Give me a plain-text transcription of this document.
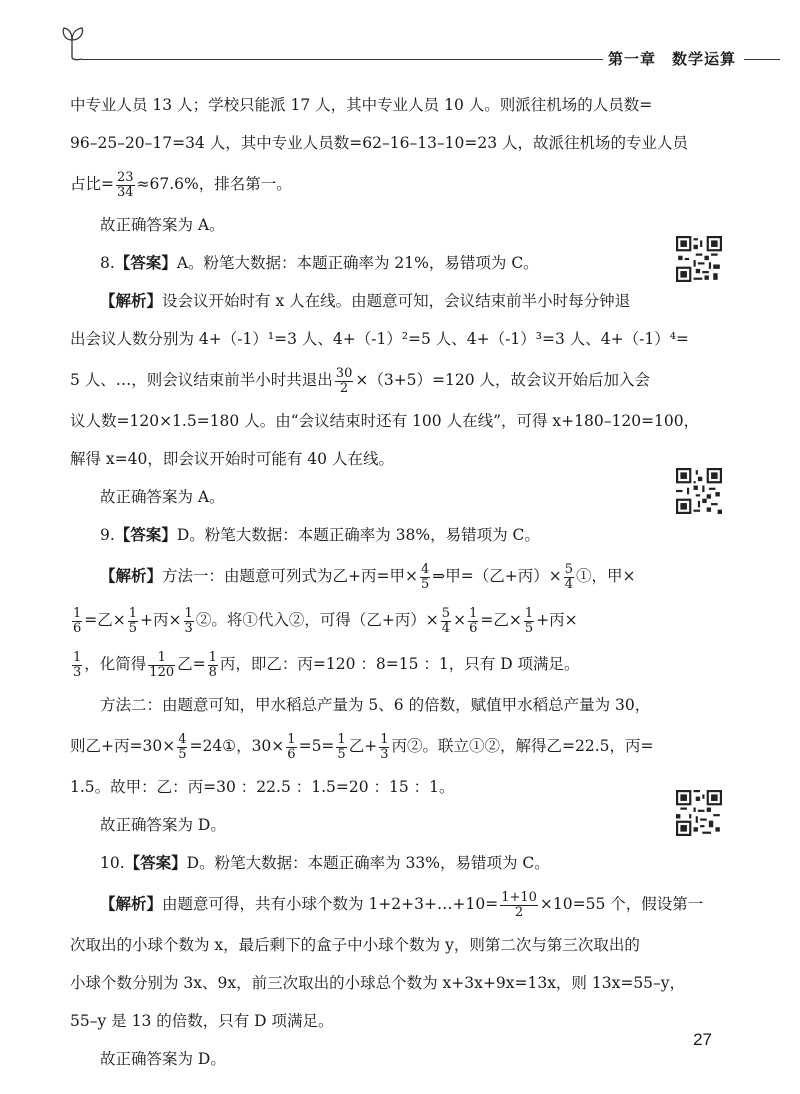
第一章　数学运算
中专业人员 13 人；学校只能派 17 人，其中专业人员 10 人。则派往机场的人员数=
96–25–20–17=34 人，其中专业人员数=62–16–13–10=23 人，故派往机场的专业人员
占比= $\frac{23}{34} \approx 67.6\%$，排名第一。
故正确答案为 A。
8.【答案】A。粉笔大数据：本题正确率为 21%，易错项为 C。
【解析】设会议开始时有 x 人在线。由题意可知，会议结束前半小时每分钟退
出会议人数分别为 4+（-1）¹=3 人、4+（-1）²=5 人、4+（-1）³=3 人、4+（-1）⁴=
5 人、…，则会议结束前半小时共退出 $\frac{30}{2} \times(3+5)=120$ 人，故会议开始后加入会
议人数=120×1.5=180 人。由“会议结束时还有 100 人在线”，可得 x+180–120=100，
解得 x=40，即会议开始时可能有 40 人在线。
故正确答案为 A。
9.【答案】D。粉笔大数据：本题正确率为 38%，易错项为 C。
【解析】方法一：由题意可列式为乙+丙=甲× $\frac{4}{5}$ ⇒甲=（乙+丙）× $\frac{5}{4}$ ①，甲×
$\frac{1}{6}$ =乙× $\frac{1}{5}$ +丙× $\frac{1}{3}$ ②。将①代入②，可得（乙+丙）× $\frac{5}{4} \times \frac{1}{6}$ =乙× $\frac{1}{5}$ +丙×
$\frac{1}{3}$ ，化简得 $\frac{1}{120}$ 乙= $\frac{1}{8}$ 丙，即乙：丙=120 ：8=15 ：1，只有 D 项满足。
方法二：由题意可知，甲水稻总产量为 5、6 的倍数，赋值甲水稻总产量为 30，
则乙+丙$=30\times \frac{4}{5}$ =24①，$30\times \frac{1}{6} =5= \frac{1}{5}$ 乙+ $\frac{1}{3}$ 丙②。联立①②，解得乙=22.5，丙=
1.5。故甲：乙：丙=30 ：22.5 ：1.5=20 ：15 ：1。
故正确答案为 D。
10.【答案】D。粉笔大数据：本题正确率为 33%，易错项为 C。
【解析】由题意可得，共有小球个数为 1+2+3+…+10= $\frac{1+10}{2} \times 10=55$ 个，假设第一
次取出的小球个数为 x，最后剩下的盒子中小球个数为 y，则第二次与第三次取出的
小球个数分别为 3x、9x，前三次取出的小球总个数为 x+3x+9x=13x，则 13x=55–y，
55–y 是 13 的倍数，只有 D 项满足。
故正确答案为 D。
27
